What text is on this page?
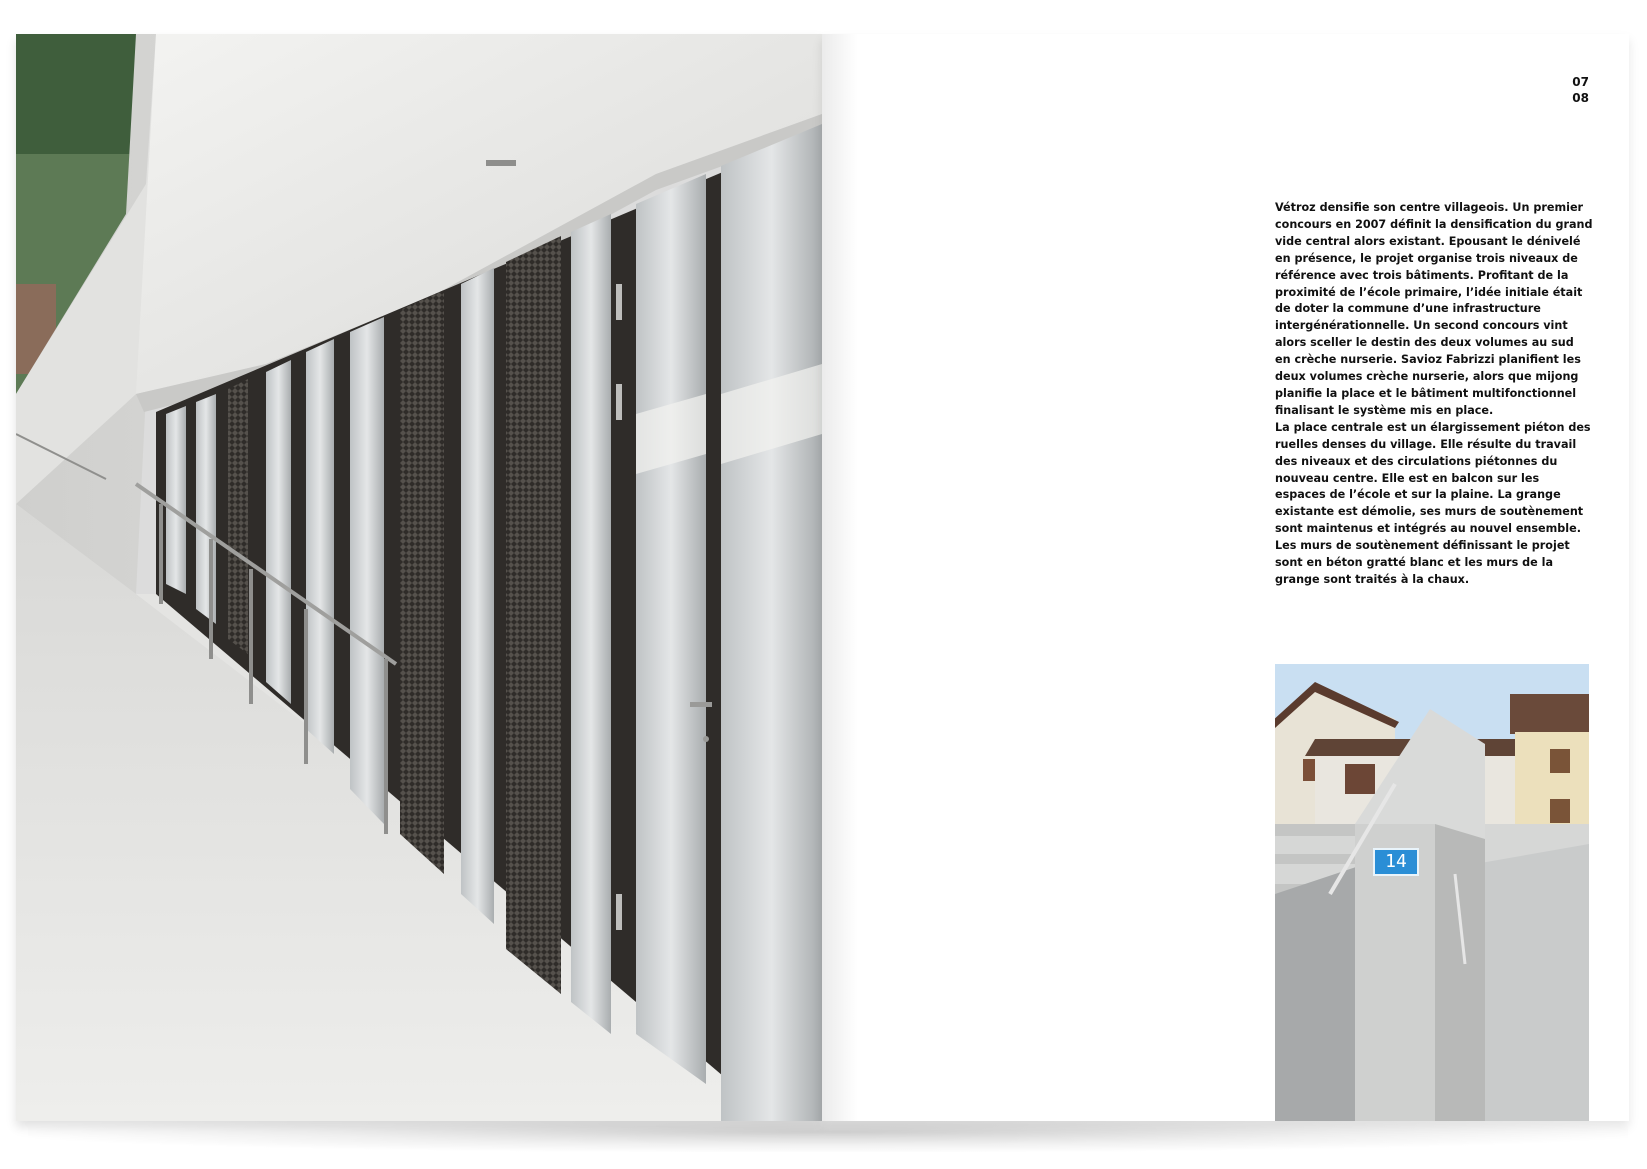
07
08

Vétroz densifie son centre villageois. Un premier concours en 2007 définit la densification du grand vide central alors existant. Epousant le dénivelé en présence, le projet organise trois niveaux de référence avec trois bâtiments. Profitant de la proximité de l’école primaire, l’idée initiale était de doter la commune d’une infrastructure intergénérationnelle. Un second concours vint alors sceller le destin des deux volumes au sud en crèche nurserie. Savioz Fabrizzi planifient les deux volumes crèche nurserie, alors que mijong planifie la place et le bâtiment multifonctionnel finalisant le système mis en place.

La place centrale est un élargissement piéton des ruelles denses du village. Elle résulte du travail des niveaux et des circulations piétonnes du nouveau centre. Elle est en balcon sur les espaces de l’école et sur la plaine. La grange existante est démolie, ses murs de soutènement sont maintenus et intégrés au nouvel ensemble.

Les murs de soutènement définissant le projet sont en béton gratté blanc et les murs de la grange sont traités à la chaux.

14
